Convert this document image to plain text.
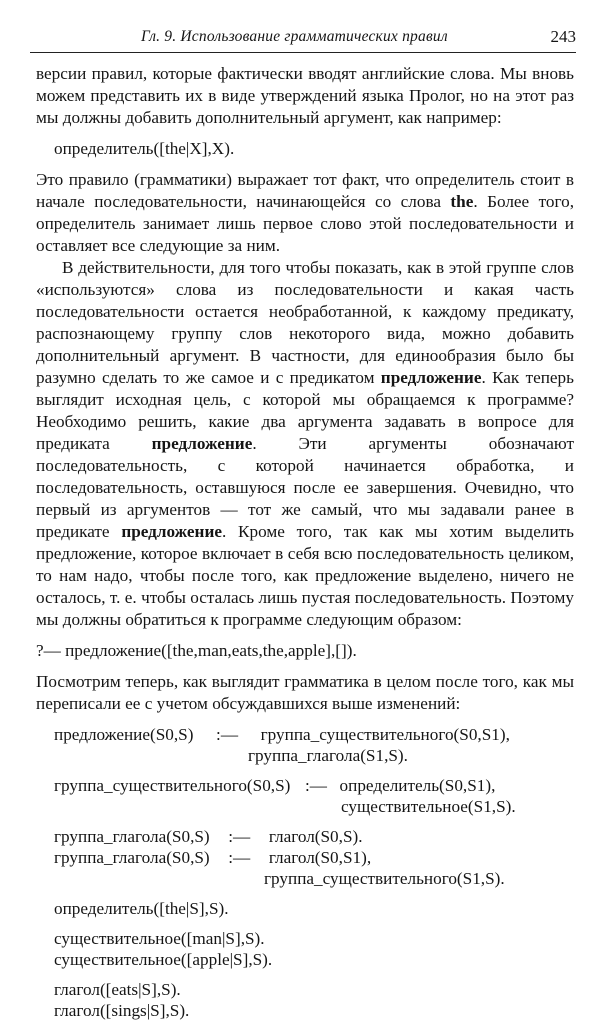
Гл. 9. Использование грамматических правил	243

версии правил, которые фактически вводят английские слова. Мы вновь можем представить их в виде утверждений языка Пролог, но на этот раз мы должны добавить дополнительный аргумент, как например:

определитель([the|X],X).

Это правило (грамматики) выражает тот факт, что определитель стоит в начале последовательности, начинающейся со слова the. Более того, определитель занимает лишь первое слово этой последовательности и оставляет все следующие за ним.

В действительности, для того чтобы показать, как в этой группе слов «используются» слова из последовательности и какая часть последовательности остается необработанной, к каждому предикату, распознающему группу слов некоторого вида, можно добавить дополнительный аргумент. В частности, для единообразия было бы разумно сделать то же самое и с предикатом предложение. Как теперь выглядит исходная цель, с которой мы обращаемся к программе? Необходимо решить, какие два аргумента задавать в вопросе для предиката предложение. Эти аргументы обозначают последовательность, с которой начинается обработка, и последовательность, оставшуюся после ее завершения. Очевидно, что первый из аргументов — тот же самый, что мы задавали ранее в предикате предложение. Кроме того, так как мы хотим выделить предложение, которое включает в себя всю последовательность целиком, то нам надо, чтобы после того, как предложение выделено, ничего не осталось, т. е. чтобы осталась лишь пустая последовательность. Поэтому мы должны обратиться к программе следующим образом:

?— предложение([the,man,eats,the,apple],[]).

Посмотрим теперь, как выглядит грамматика в целом после того, как мы переписали ее с учетом обсуждавшихся выше изменений:

предложение(S0,S) :— группа_существительного(S0,S1),
группа_глагола(S1,S).
группа_существительного(S0,S) :— определитель(S0,S1),
существительное(S1,S).
группа_глагола(S0,S) :— глагол(S0,S).
группа_глагола(S0,S) :— глагол(S0,S1),
группа_существительного(S1,S).
определитель([the|S],S).
существительное([man|S],S).
существительное([apple|S],S).
глагол([eats|S],S).
глагол([sings|S],S).
